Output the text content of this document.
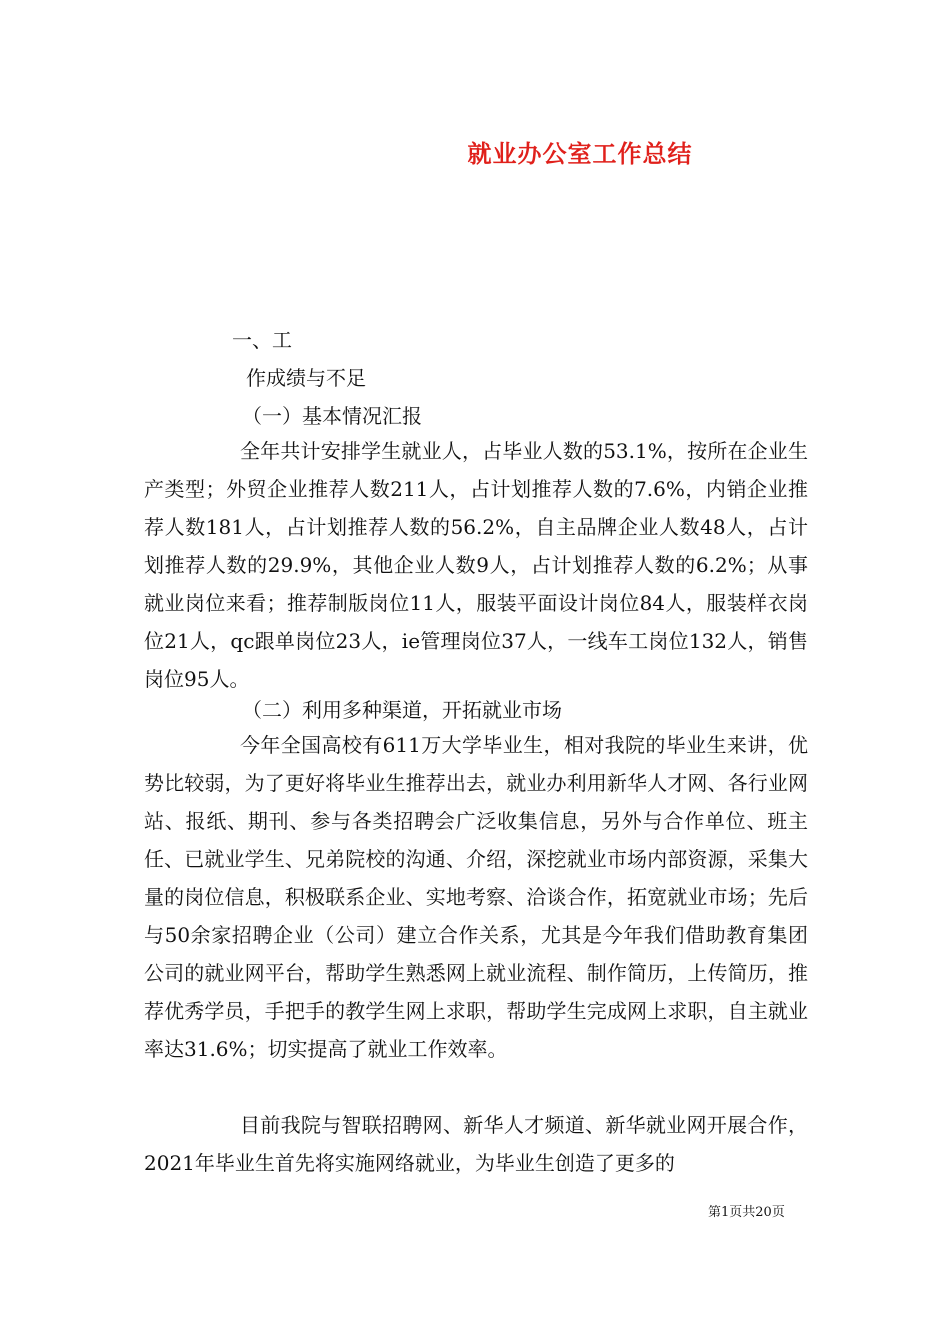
就业办公室工作总结
一、工
作成绩与不足
（一）基本情况汇报
全年共计安排学生就业人，占毕业人数的53.1%，按所在企业生产类型；外贸企业推荐人数211人，占计划推荐人数的7.6%，内销企业推荐人数181人，占计划推荐人数的56.2%，自主品牌企业人数48人，占计划推荐人数的29.9%，其他企业人数9人，占计划推荐人数的6.2%；从事就业岗位来看；推荐制版岗位11人，服装平面设计岗位84人，服装样衣岗位21人，qc跟单岗位23人，ie管理岗位37人，一线车工岗位132人，销售岗位95人。
（二）利用多种渠道，开拓就业市场
今年全国高校有611万大学毕业生，相对我院的毕业生来讲，优势比较弱，为了更好将毕业生推荐出去，就业办利用新华人才网、各行业网站、报纸、期刊、参与各类招聘会广泛收集信息，另外与合作单位、班主任、已就业学生、兄弟院校的沟通、介绍，深挖就业市场内部资源，采集大量的岗位信息，积极联系企业、实地考察、洽谈合作，拓宽就业市场；先后与50余家招聘企业（公司）建立合作关系，尤其是今年我们借助教育集团公司的就业网平台，帮助学生熟悉网上就业流程、制作简历，上传简历，推荐优秀学员，手把手的教学生网上求职，帮助学生完成网上求职，自主就业率达31.6%；切实提高了就业工作效率。
目前我院与智联招聘网、新华人才频道、新华就业网开展合作，2021年毕业生首先将实施网络就业，为毕业生创造了更多的
第1页共20页
